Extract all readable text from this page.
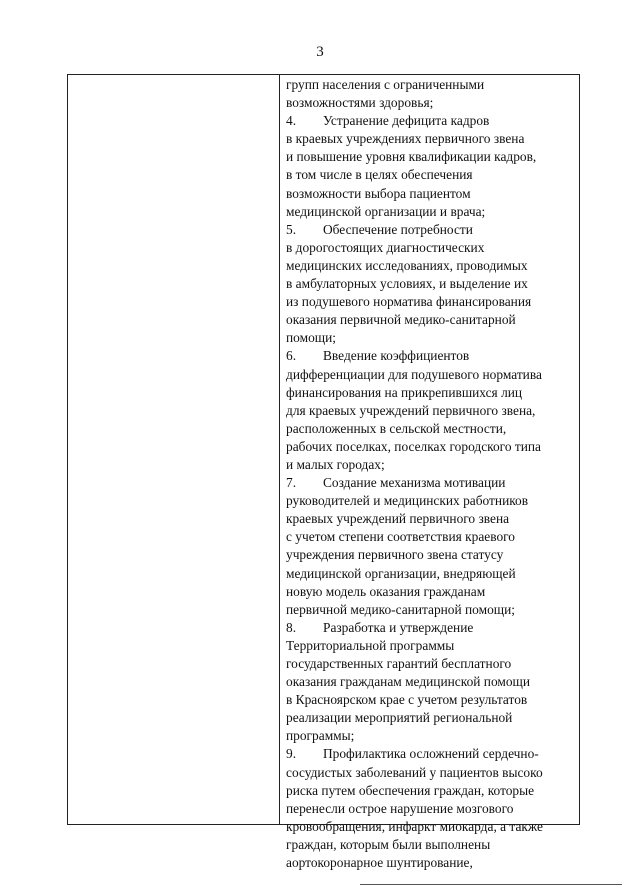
3
групп населения с ограниченными
возможностями здоровья;
4. Устранение дефицита кадров
в краевых учреждениях первичного звена
и повышение уровня квалификации кадров,
в том числе в целях обеспечения
возможности выбора пациентом
медицинской организации и врача;
5. Обеспечение потребности
в дорогостоящих диагностических
медицинских исследованиях, проводимых
в амбулаторных условиях, и выделение их
из подушевого норматива финансирования
оказания первичной медико-санитарной
помощи;
6. Введение коэффициентов
дифференциации для подушевого норматива
финансирования на прикрепившихся лиц
для краевых учреждений первичного звена,
расположенных в сельской местности,
рабочих поселках, поселках городского типа
и малых городах;
7. Создание механизма мотивации
руководителей и медицинских работников
краевых учреждений первичного звена
с учетом степени соответствия краевого
учреждения первичного звена статусу
медицинской организации, внедряющей
новую модель оказания гражданам
первичной медико-санитарной помощи;
8. Разработка и утверждение
Территориальной программы
государственных гарантий бесплатного
оказания гражданам медицинской помощи
в Красноярском крае с учетом результатов
реализации мероприятий региональной
программы;
9. Профилактика осложнений сердечно-
сосудистых заболеваний у пациентов высоко
риска путем обеспечения граждан, которые
перенесли острое нарушение мозгового
кровообращения, инфаркт миокарда, а также
граждан, которым были выполнены
аортокоронарное шунтирование,
